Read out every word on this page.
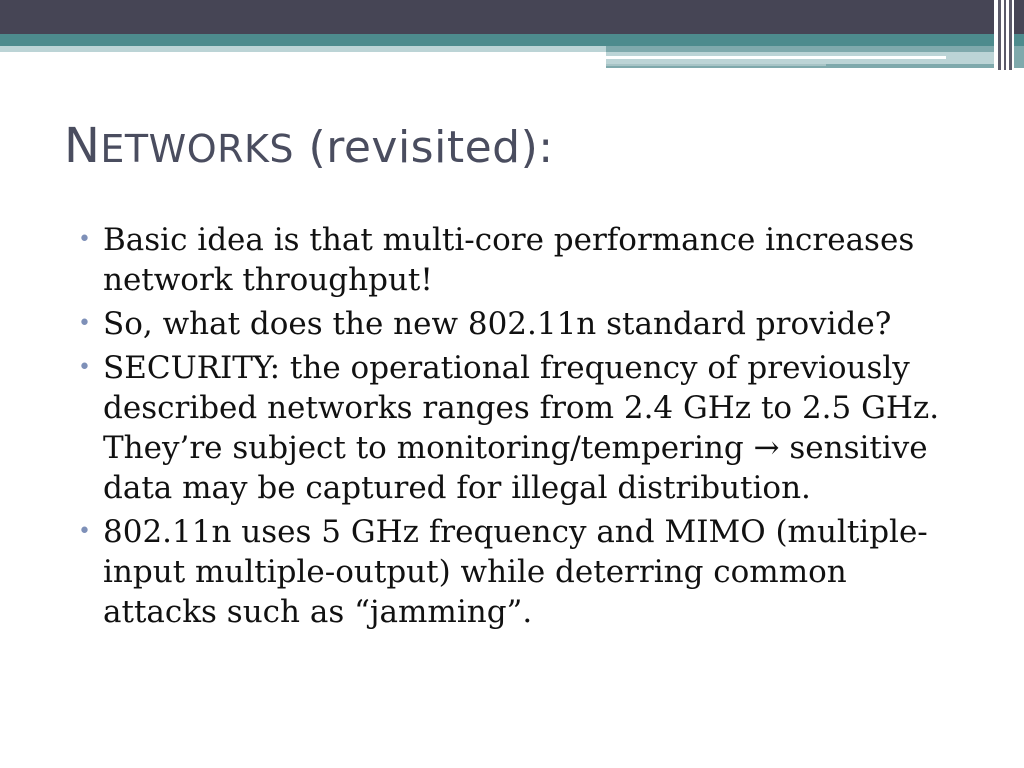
NETWORKS (revisited):
• Basic idea is that multi-core performance increases network throughput!
• So, what does the new 802.11n standard provide?
• SECURITY: the operational frequency of previously described networks ranges from 2.4 GHz to 2.5 GHz. They’re subject to monitoring/tempering → sensitive data may be captured for illegal distribution.
• 802.11n uses 5 GHz frequency and MIMO (multiple-input multiple-output) while deterring common attacks such as “jamming”.
